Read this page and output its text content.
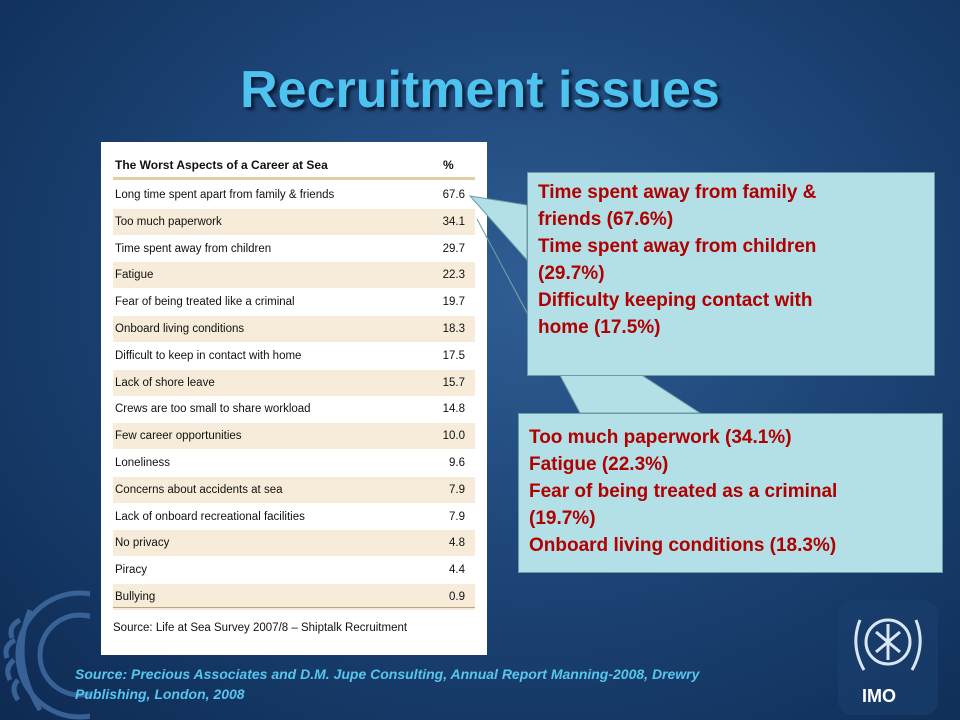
Recruitment issues
The Worst Aspects of a Career at Sea	%
Long time spent apart from family & friends	67.6
Too much paperwork	34.1
Time spent away from children	29.7
Fatigue	22.3
Fear of being treated like a criminal	19.7
Onboard living conditions	18.3
Difficult to keep in contact with home	17.5
Lack of shore leave	15.7
Crews are too small to share workload	14.8
Few career opportunities	10.0
Loneliness	9.6
Concerns about accidents at sea	7.9
Lack of onboard recreational facilities	7.9
No privacy	4.8
Piracy	4.4
Bullying	0.9
Source: Life at Sea Survey 2007/8 – Shiptalk Recruitment
Time spent away from family &
friends (67.6%)
Time spent away from children
(29.7%)
Difficulty keeping contact with
home (17.5%)
Too much paperwork (34.1%)
Fatigue (22.3%)
Fear of being treated as a criminal
(19.7%)
Onboard living conditions (18.3%)
IMO
Source: Precious Associates and D.M. Jupe Consulting, Annual Report Manning-2008, Drewry
Publishing, London, 2008
